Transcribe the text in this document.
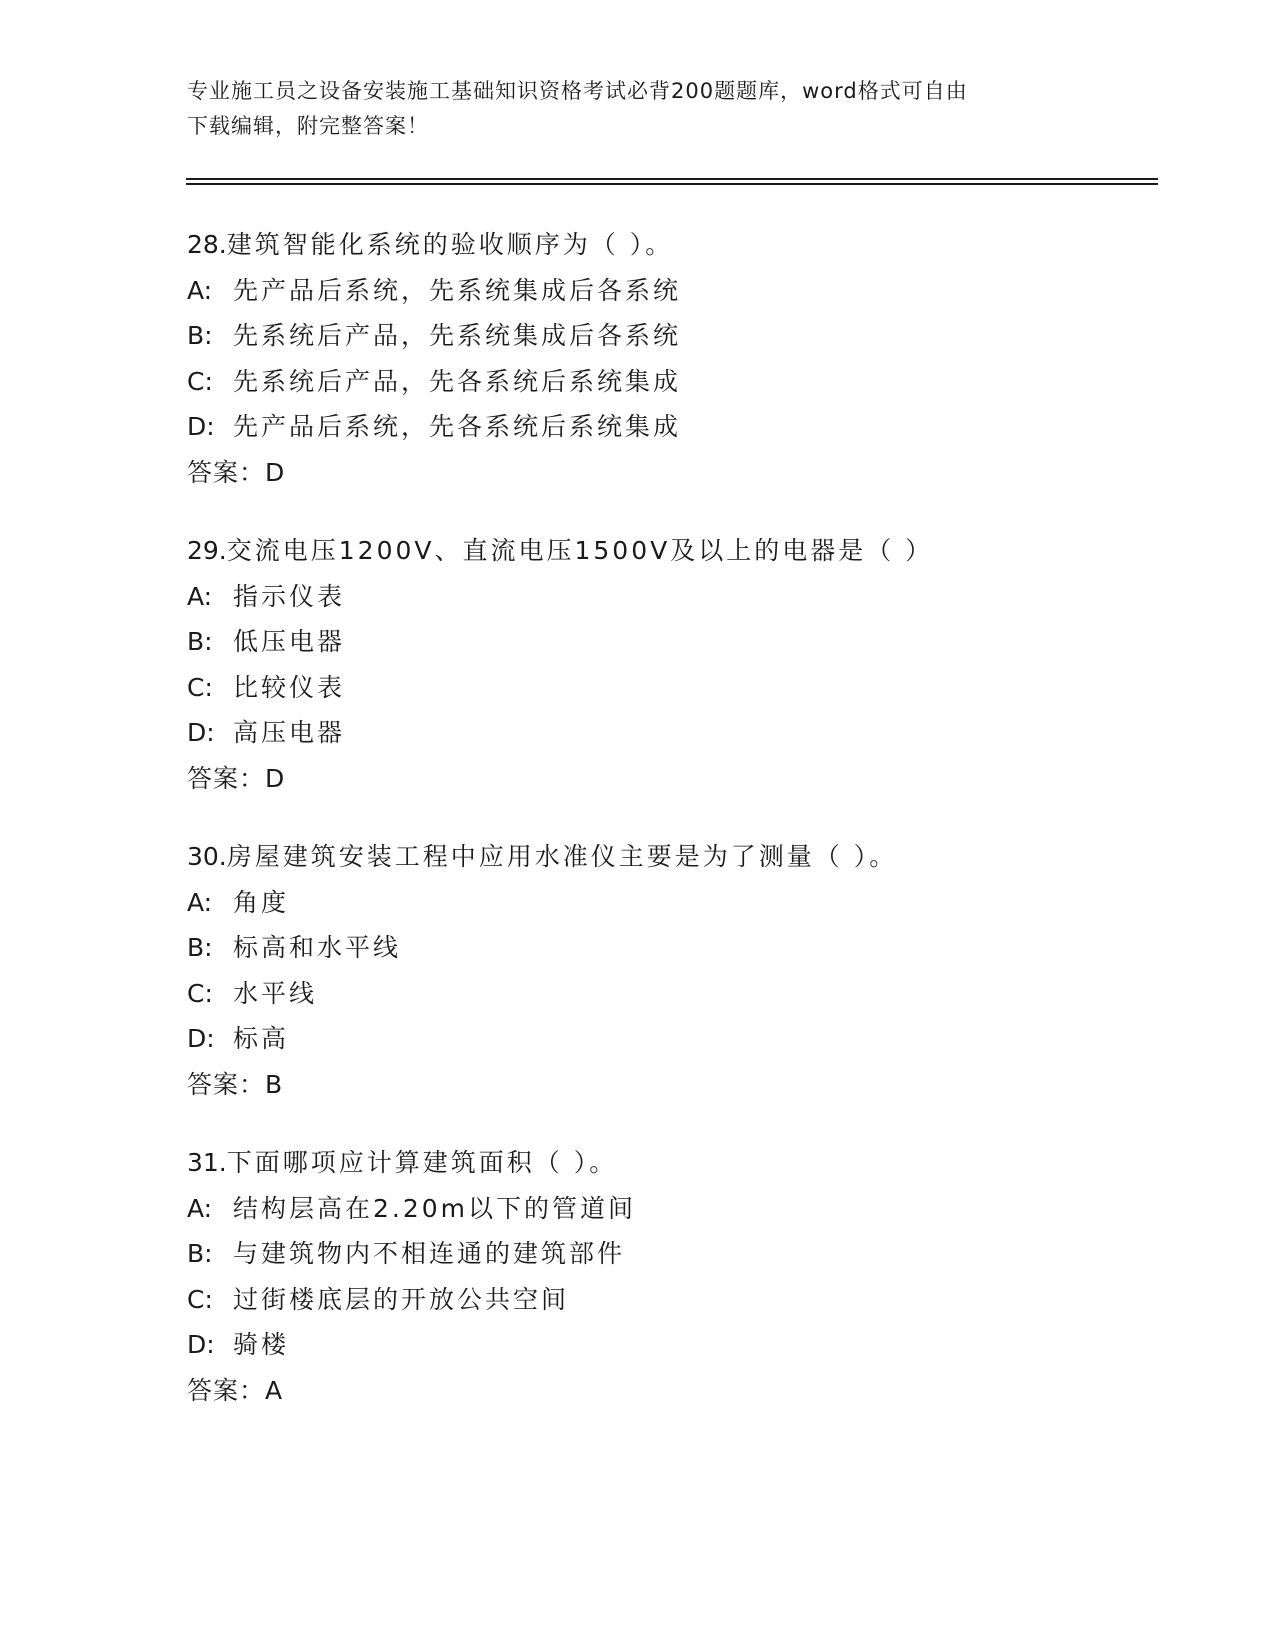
专业施工员之设备安装施工基础知识资格考试必背200题题库，word格式可自由
下载编辑，附完整答案！
28.建筑智能化系统的验收顺序为（ ）。
A: 先产品后系统，先系统集成后各系统
B: 先系统后产品，先系统集成后各系统
C: 先系统后产品，先各系统后系统集成
D: 先产品后系统，先各系统后系统集成
答案：D
29.交流电压1200V、直流电压1500V及以上的电器是（ ）
A: 指示仪表
B: 低压电器
C: 比较仪表
D: 高压电器
答案：D
30.房屋建筑安装工程中应用水准仪主要是为了测量（ ）。
A: 角度
B: 标高和水平线
C: 水平线
D: 标高
答案：B
31.下面哪项应计算建筑面积（ ）。
A: 结构层高在2.20m以下的管道间
B: 与建筑物内不相连通的建筑部件
C: 过街楼底层的开放公共空间
D: 骑楼
答案：A
